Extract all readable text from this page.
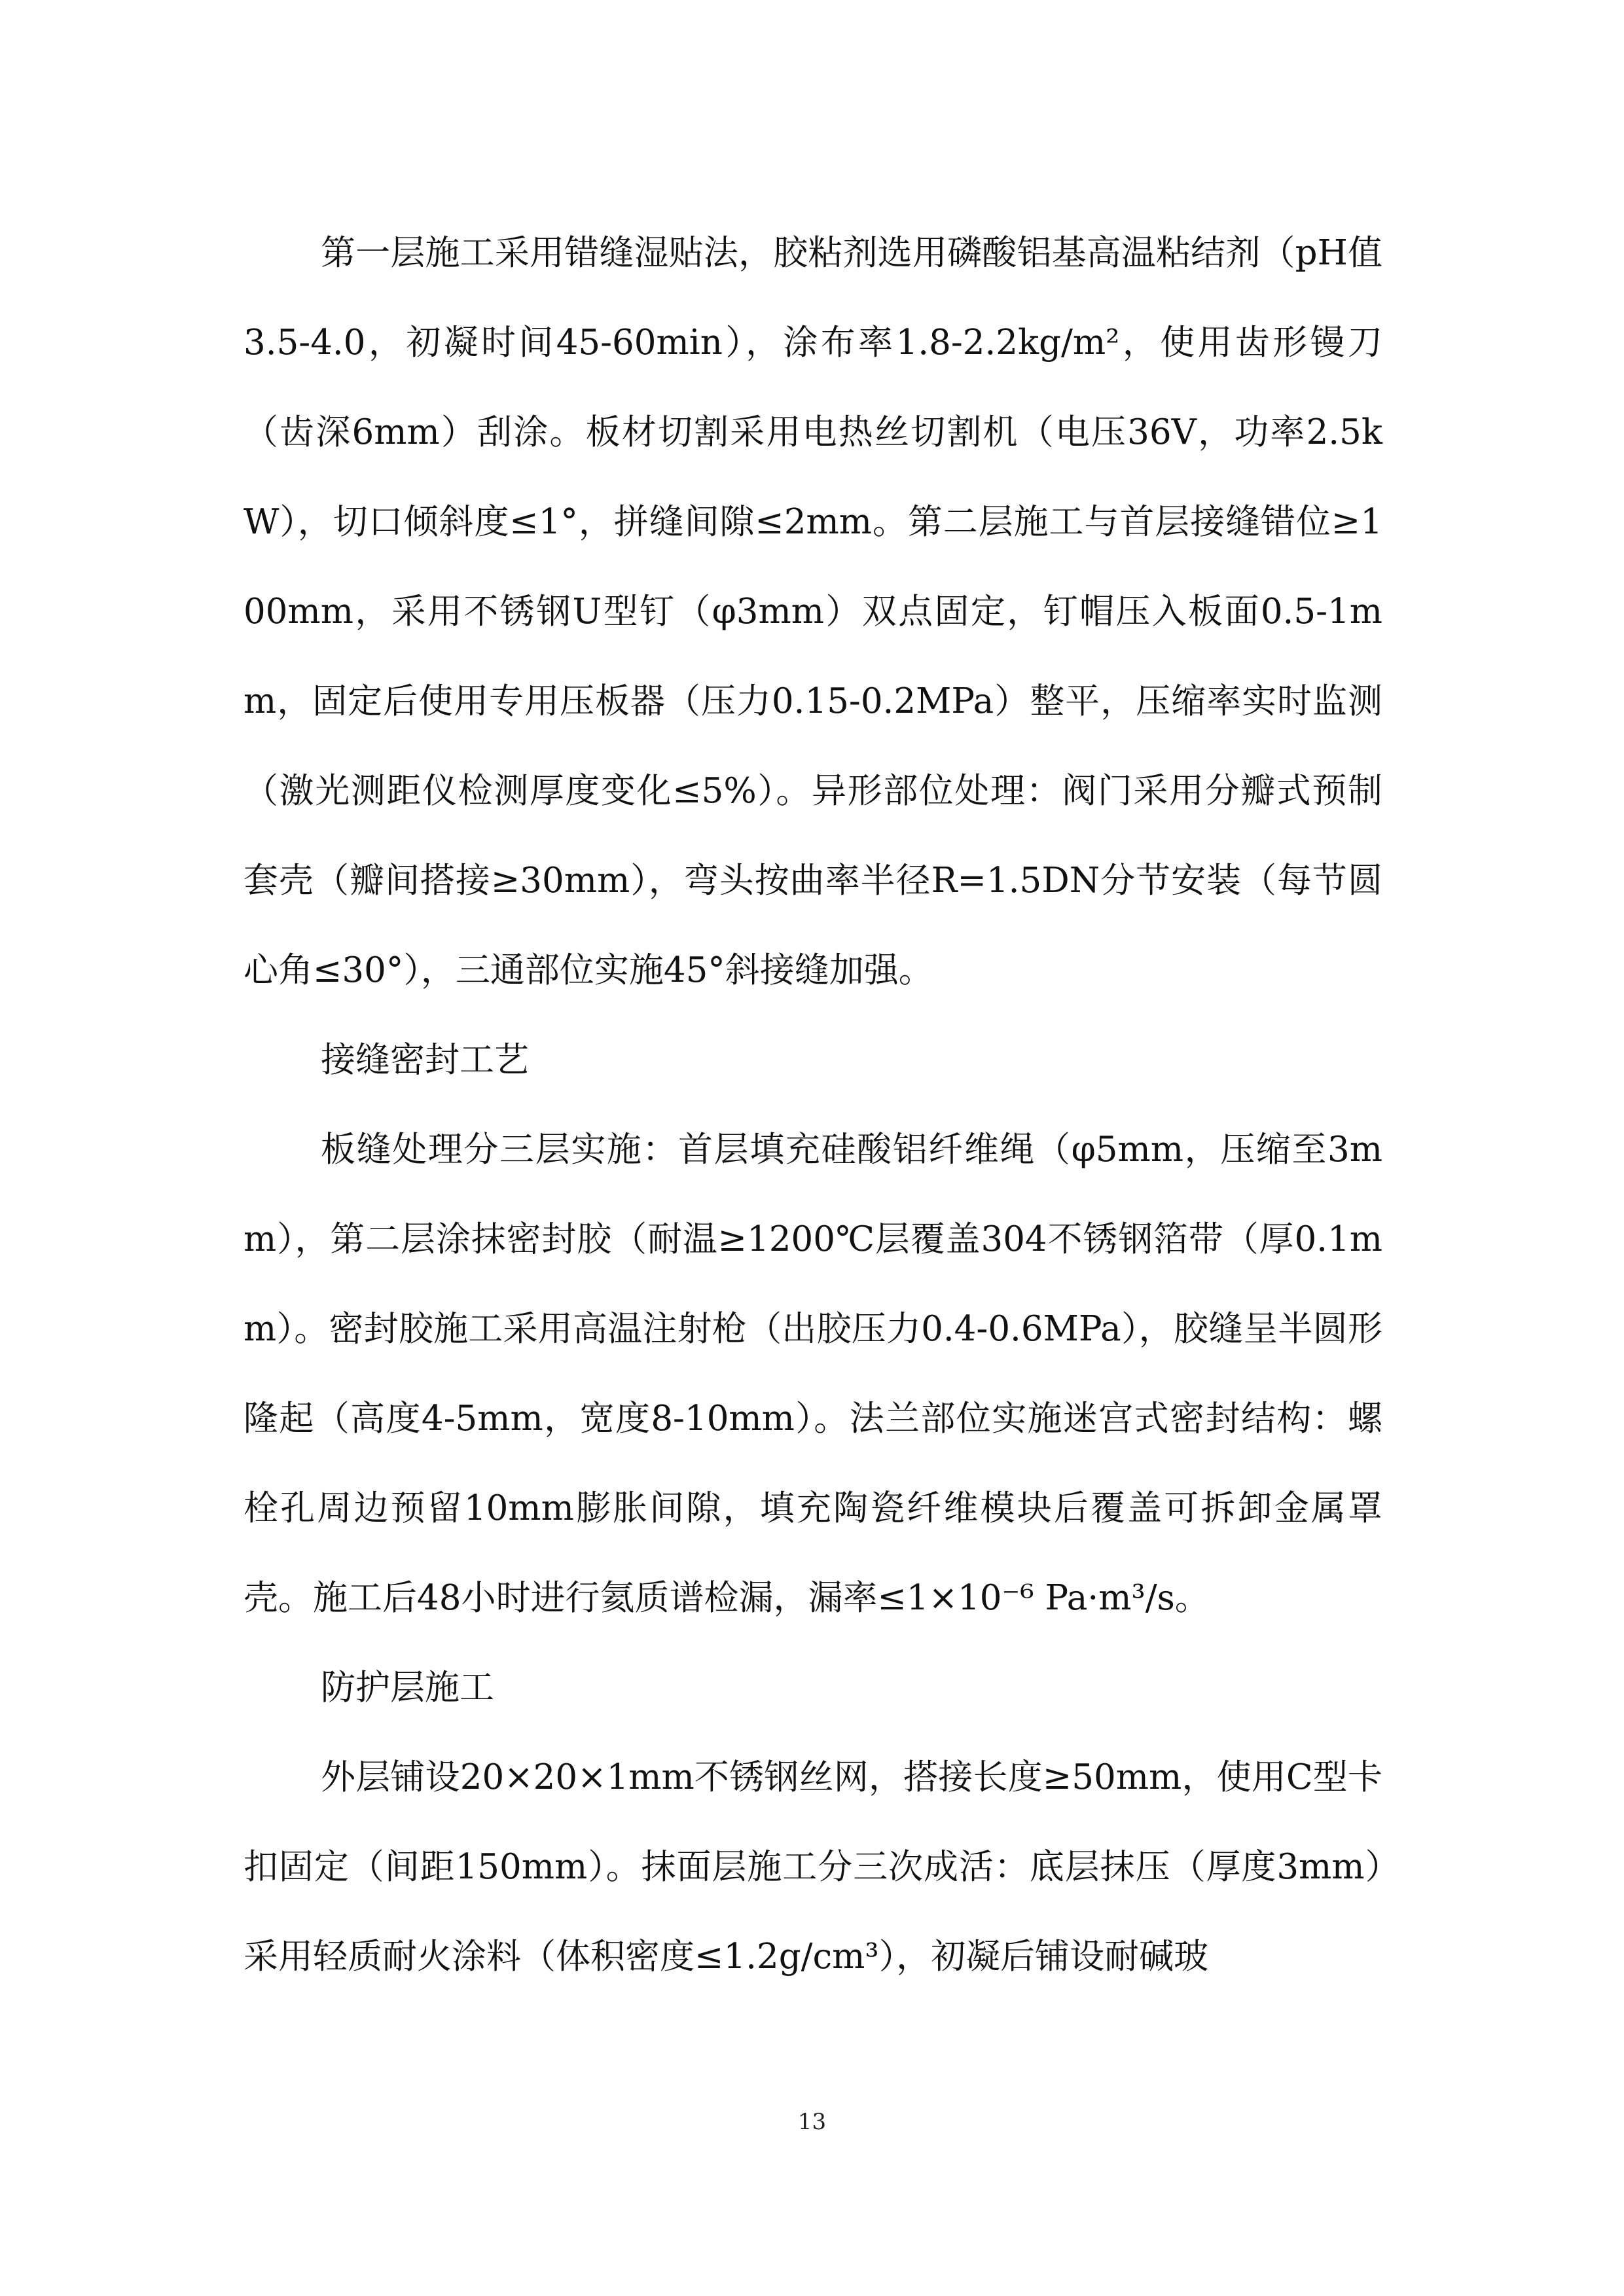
第一层施工采用错缝湿贴法，胶粘剂选用磷酸铝基高温粘结剂（pH值3.5-4.0，初凝时间45-60min），涂布率1.8-2.2kg/m²，使用齿形镘刀（齿深6mm）刮涂。板材切割采用电热丝切割机（电压36V，功率2.5kW），切口倾斜度≤1°，拼缝间隙≤2mm。第二层施工与首层接缝错位≥100mm，采用不锈钢U型钉（φ3mm）双点固定，钉帽压入板面0.5-1mm，固定后使用专用压板器（压力0.15-0.2MPa）整平，压缩率实时监测（激光测距仪检测厚度变化≤5%）。异形部位处理：阀门采用分瓣式预制套壳（瓣间搭接≥30mm），弯头按曲率半径R=1.5DN分节安装（每节圆心角≤30°），三通部位实施45°斜接缝加强。

接缝密封工艺

板缝处理分三层实施：首层填充硅酸铝纤维绳（φ5mm，压缩至3mm），第二层涂抹密封胶（耐温≥1200℃层覆盖304不锈钢箔带（厚0.1mm）。密封胶施工采用高温注射枪（出胶压力0.4-0.6MPa），胶缝呈半圆形隆起（高度4-5mm，宽度8-10mm）。法兰部位实施迷宫式密封结构：螺栓孔周边预留10mm膨胀间隙，填充陶瓷纤维模块后覆盖可拆卸金属罩壳。施工后48小时进行氦质谱检漏，漏率≤1×10⁻⁶ Pa·m³/s。

防护层施工

外层铺设20×20×1mm不锈钢丝网，搭接长度≥50mm，使用C型卡扣固定（间距150mm）。抹面层施工分三次成活：底层抹压（厚度3mm）采用轻质耐火涂料（体积密度≤1.2g/cm³），初凝后铺设耐碱玻

13
